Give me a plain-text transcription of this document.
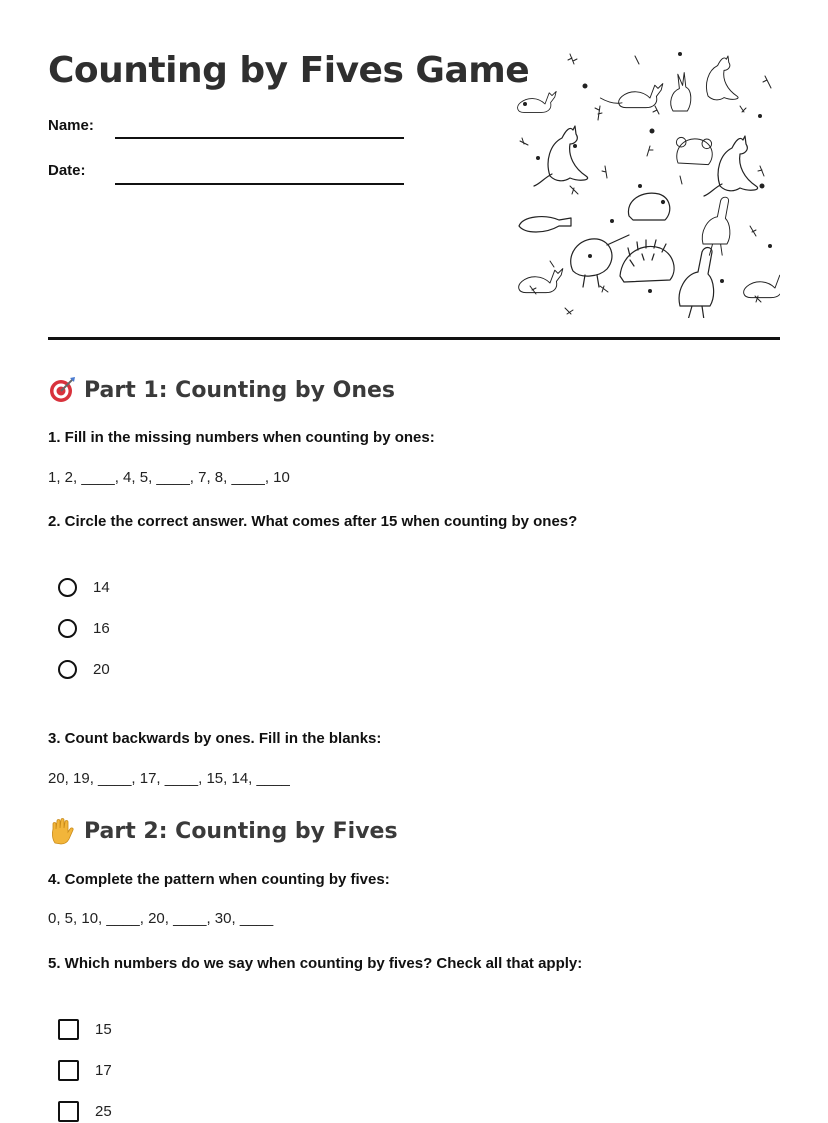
Counting by Fives Game
Name:
Date:
Part 1: Counting by Ones
1. Fill in the missing numbers when counting by ones:
1, 2, ____, 4, 5, ____, 7, 8, ____, 10
2. Circle the correct answer. What comes after 15 when counting by ones?
14
16
20
3. Count backwards by ones. Fill in the blanks:
20, 19, ____, 17, ____, 15, 14, ____
Part 2: Counting by Fives
4. Complete the pattern when counting by fives:
0, 5, 10, ____, 20, ____, 30, ____
5. Which numbers do we say when counting by fives? Check all that apply:
15
17
25
